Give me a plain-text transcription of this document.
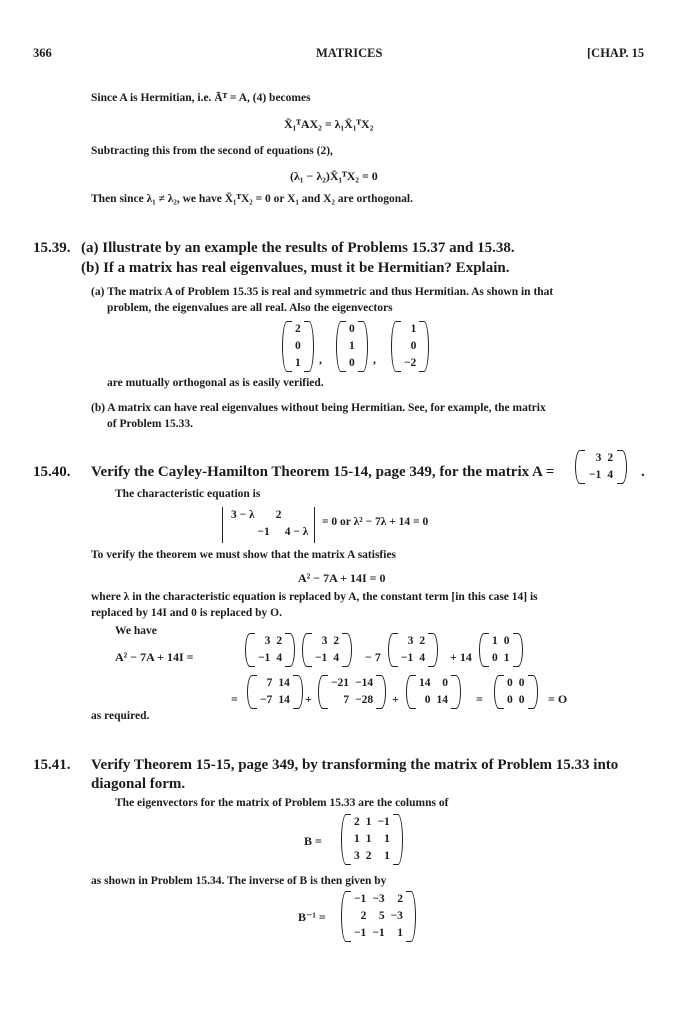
366	MATRICES	[CHAP. 15
Since A is Hermitian, i.e. Āᵀ = A, (4) becomes
X̄₁ᵀAX₂ = λ₁X̄₁ᵀX₂
Subtracting this from the second of equations (2),
(λ₁ − λ₂)X̄₁ᵀX₂ = 0
Then since λ₁ ≠ λ₂, we have X̄₁ᵀX₂ = 0 or X₁ and X₂ are orthogonal.
15.39. (a) Illustrate by an example the results of Problems 15.37 and 15.38.
(b) If a matrix has real eigenvalues, must it be Hermitian? Explain.
(a) The matrix A of Problem 15.35 is real and symmetric and thus Hermitian. As shown in that
problem, the eigenvalues are all real. Also the eigenvectors
2
0
1 ,
0
1
0 ,
1
0
−2
are mutually orthogonal as is easily verified.
(b) A matrix can have real eigenvalues without being Hermitian. See, for example, the matrix
of Problem 15.33.
15.40. Verify the Cayley-Hamilton Theorem 15-14, page 349, for the matrix A =
3	2
−1	4 .
The characteristic equation is
3 − λ	2
−1	4 − λ
= 0 or λ² − 7λ + 14 = 0
To verify the theorem we must show that the matrix A satisfies
A² − 7A + 14I = 0
where λ in the characteristic equation is replaced by A, the constant term [in this case 14] is
replaced by 14I and 0 is replaced by O.
We have
A² − 7A + 14I =
3	2
−1	4
3	2
−1	4 − 7
3	2
−1	4 + 14
1	0
0	1
=
7	14
−7	14 +
−21	−14
7	−28 +
14	0
0	14 =
0	0
0	0 = O
as required.
15.41. Verify Theorem 15-15, page 349, by transforming the matrix of Problem 15.33 into
diagonal form.
The eigenvectors for the matrix of Problem 15.33 are the columns of
B =
2	1	−1
1	1	1
3	2	1
as shown in Problem 15.34. The inverse of B is then given by
B⁻¹ =
−1	−3	2
2	5	−3
−1	−1	1
